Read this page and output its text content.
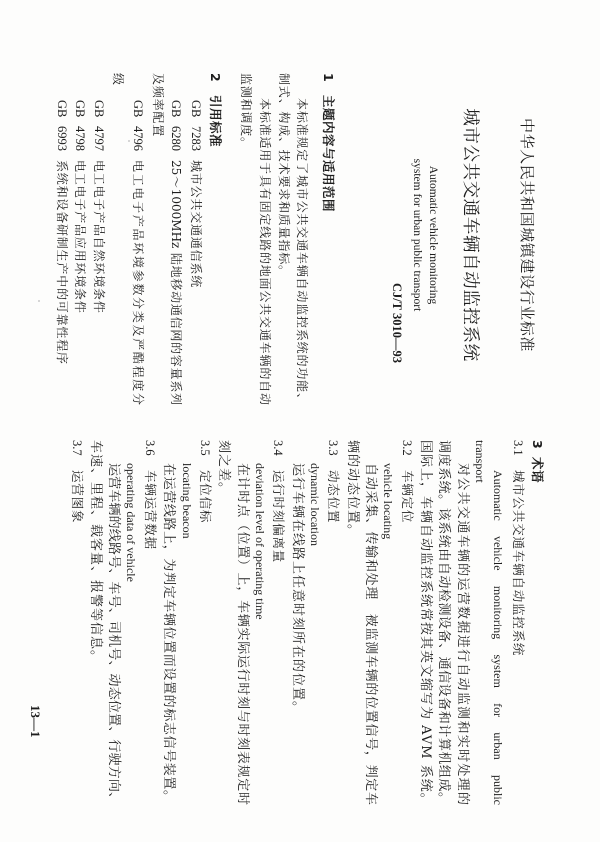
中华人民共和国城镇建设行业标准
城市公共交通车辆自动监控系统
Automatic vehicle monitoring
system for urban public transport
CJ/T 3010—93
1
主题内容与适用范围
本标准规定了城市公共交通车辆自动监控系统的功能、
制式、构成、技术要求和质量指标。
本标准适用于具有固定线路的地面公共交通车辆的自动
监测和调度。
2
引用标准
GB
7283
城市公共交通通信系统
GB
6280
25～1000MHz 陆地移动通信网的容量系列
及频率配置
GB
4796
电工电子产品环境参数分类及严酷程度分
级
GB
4797
电工电子产品自然环境条件
GB
4798
电工电子产品应用环境条件
GB
6993
系统和设备研制生产中的可靠性程序
3
术语
3.1
城市公共交通车辆自动监控系统
Automatic vehicle monitoring system for urban public
transport
对公共交通车辆的运营数据进行自动监测和实时处理的
调度系统。该系统由自动检测设备、通信设备和计算机组成。
国际上，车辆自动监控系统常按其英文缩写为 AVM 系统。
3.2
车辆定位
vehicle locating
自动采集、传输和处理　被监测车辆的位置信号，判定车
辆的动态位置。
3.3
动态位置
dynamic location
运行车辆在线路上任意时刻所在的位置。
3.4
运行时刻偏离量
deviation level of operating time
在计时点（位置）上，车辆实际运行时刻与时刻表规定时
刻之差。
3.5
定位信标
locating beacon
在运营线路上，为判定车辆位置而设置的标志信号装置。
3.6
车辆运营数据
operating data of vehicle
运营车辆的线路号、车号、司机号、动态位置、行驶方向、
车速、里程、载客量、报警等信息。
3.7
运营图象
13—1
